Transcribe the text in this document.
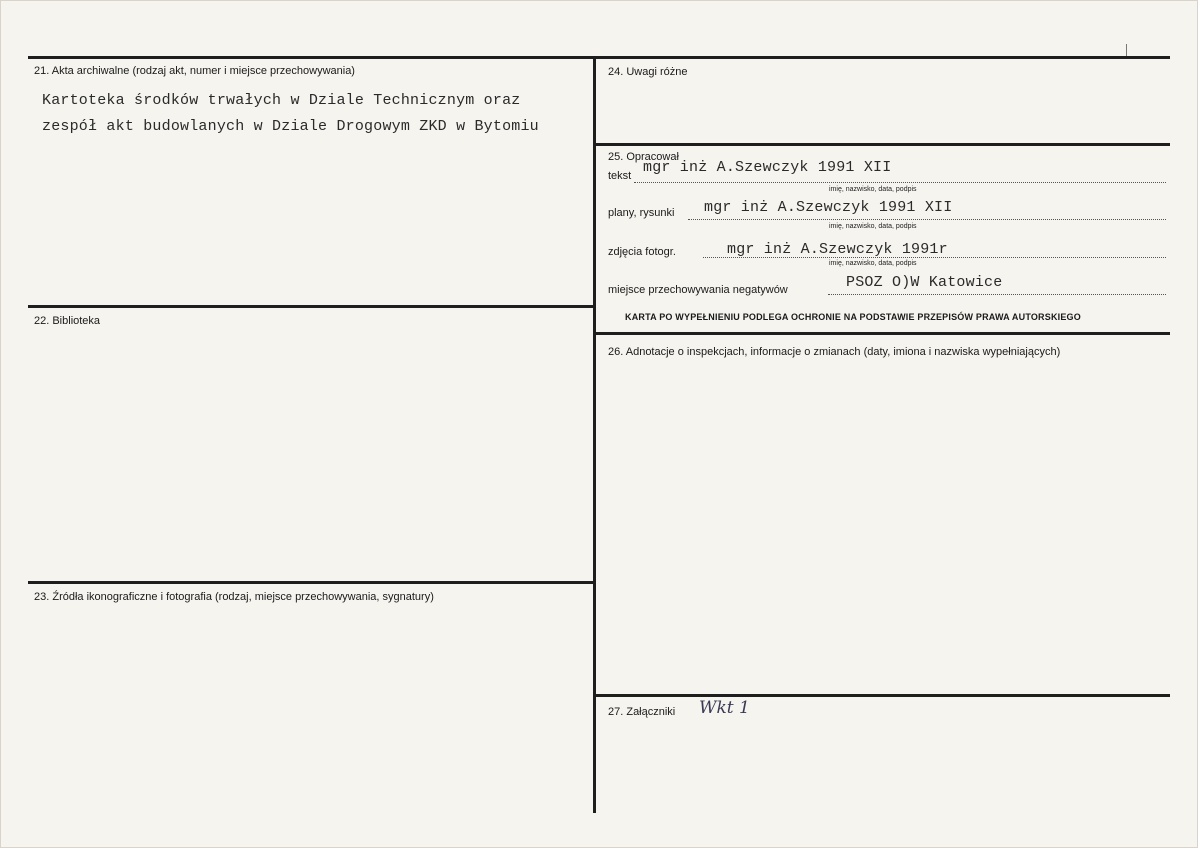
21. Akta archiwalne (rodzaj akt, numer i miejsce przechowywania)
Kartoteka środków trwałych w Dziale Technicznym oraz
zespół akt budowlanych w Dziale Drogowym ZKD w Bytomiu
22. Biblioteka
23. Źródła ikonograficzne i fotografia (rodzaj, miejsce przechowywania, sygnatury)
24. Uwagi różne
25. Opracował
tekst mgr inż A.Szewczyk 1991 XII
imię, nazwisko, data, podpis
plany, rysunki mgr inż A.Szewczyk 1991 XII
imię, nazwisko, data, podpis
zdjęcia fotogr.	mgr inż A.Szewczyk 1991r
imię, nazwisko, data, podpis
miejsce przechowywania negatywów	PSOZ O)W Katowice
KARTA PO WYPEŁNIENIU PODLEGA OCHRONIE NA PODSTAWIE PRZEPISÓW PRAWA AUTORSKIEGO
26. Adnotacje o inspekcjach, informacje o zmianach (daty, imiona i nazwiska wypełniających)
27. Załączniki Wkt 1
